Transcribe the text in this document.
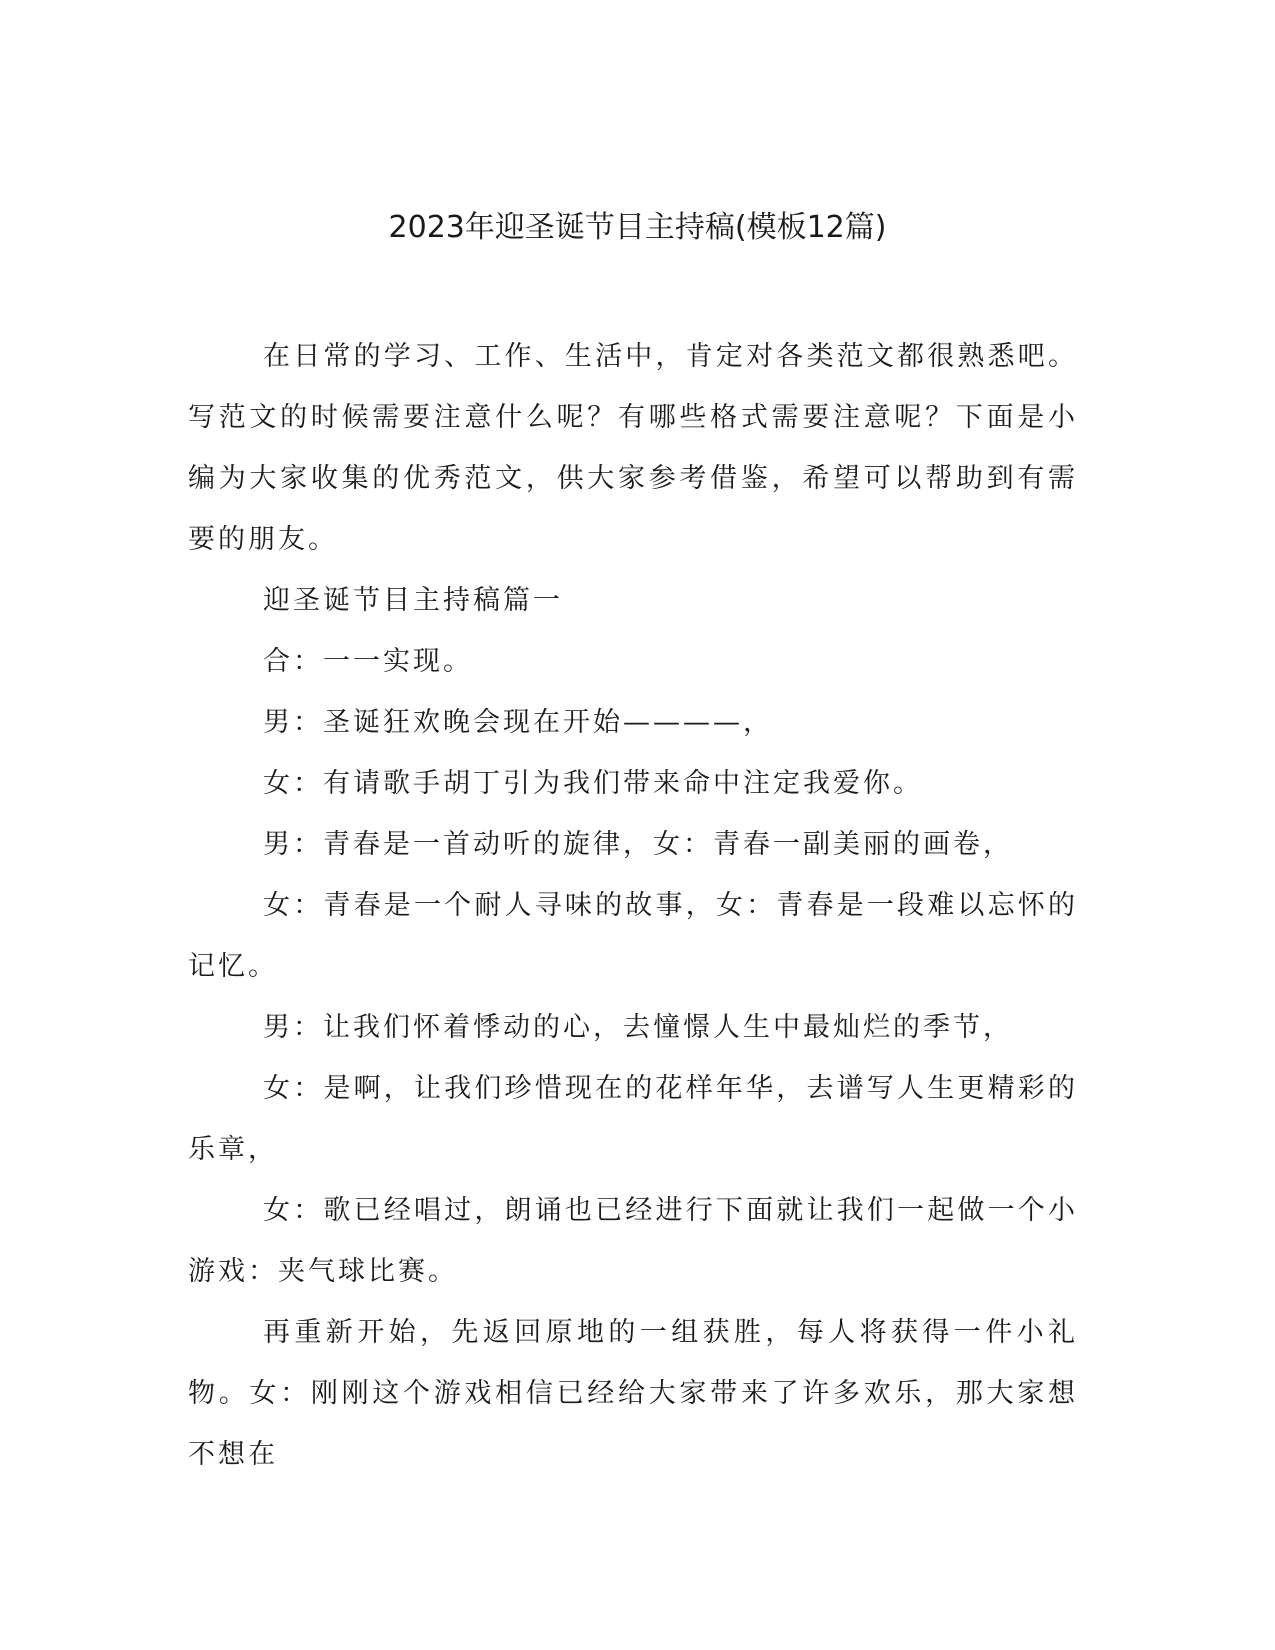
2023年迎圣诞节目主持稿(模板12篇)

在日常的学习、工作、生活中，肯定对各类范文都很熟悉吧。写范文的时候需要注意什么呢？有哪些格式需要注意呢？下面是小编为大家收集的优秀范文，供大家参考借鉴，希望可以帮助到有需要的朋友。

迎圣诞节目主持稿篇一

合：一一实现。

男：圣诞狂欢晚会现在开始————，

女：有请歌手胡丁引为我们带来命中注定我爱你。

男：青春是一首动听的旋律，女：青春一副美丽的画卷，

女：青春是一个耐人寻味的故事，女：青春是一段难以忘怀的记忆。

男：让我们怀着悸动的心，去憧憬人生中最灿烂的季节，

女：是啊，让我们珍惜现在的花样年华，去谱写人生更精彩的乐章，

女：歌已经唱过，朗诵也已经进行下面就让我们一起做一个小游戏：夹气球比赛。

再重新开始，先返回原地的一组获胜，每人将获得一件小礼物。女：刚刚这个游戏相信已经给大家带来了许多欢乐，那大家想不想在
